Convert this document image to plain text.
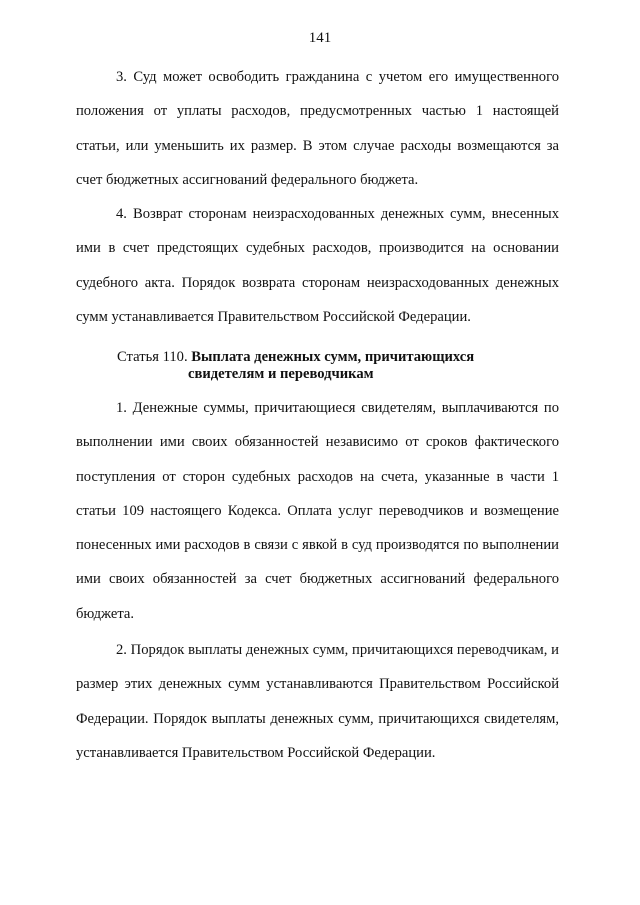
141

3. Суд может освободить гражданина с учетом его имущественного положения от уплаты расходов, предусмотренных частью 1 настоящей статьи, или уменьшить их размер. В этом случае расходы возмещаются за счет бюджетных ассигнований федерального бюджета.

4. Возврат сторонам неизрасходованных денежных сумм, внесенных ими в счет предстоящих судебных расходов, производится на основании судебного акта. Порядок возврата сторонам неизрасходованных денежных сумм устанавливается Правительством Российской Федерации.

Статья 110. Выплата денежных сумм, причитающихся
свидетелям и переводчикам

1. Денежные суммы, причитающиеся свидетелям, выплачиваются по выполнении ими своих обязанностей независимо от сроков фактического поступления от сторон судебных расходов на счета, указанные в части 1 статьи 109 настоящего Кодекса. Оплата услуг переводчиков и возмещение понесенных ими расходов в связи с явкой в суд производятся по выполнении ими своих обязанностей за счет бюджетных ассигнований федерального бюджета.

2. Порядок выплаты денежных сумм, причитающихся переводчикам, и размер этих денежных сумм устанавливаются Правительством Российской Федерации. Порядок выплаты денежных сумм, причитающихся свидетелям, устанавливается Правительством Российской Федерации.
